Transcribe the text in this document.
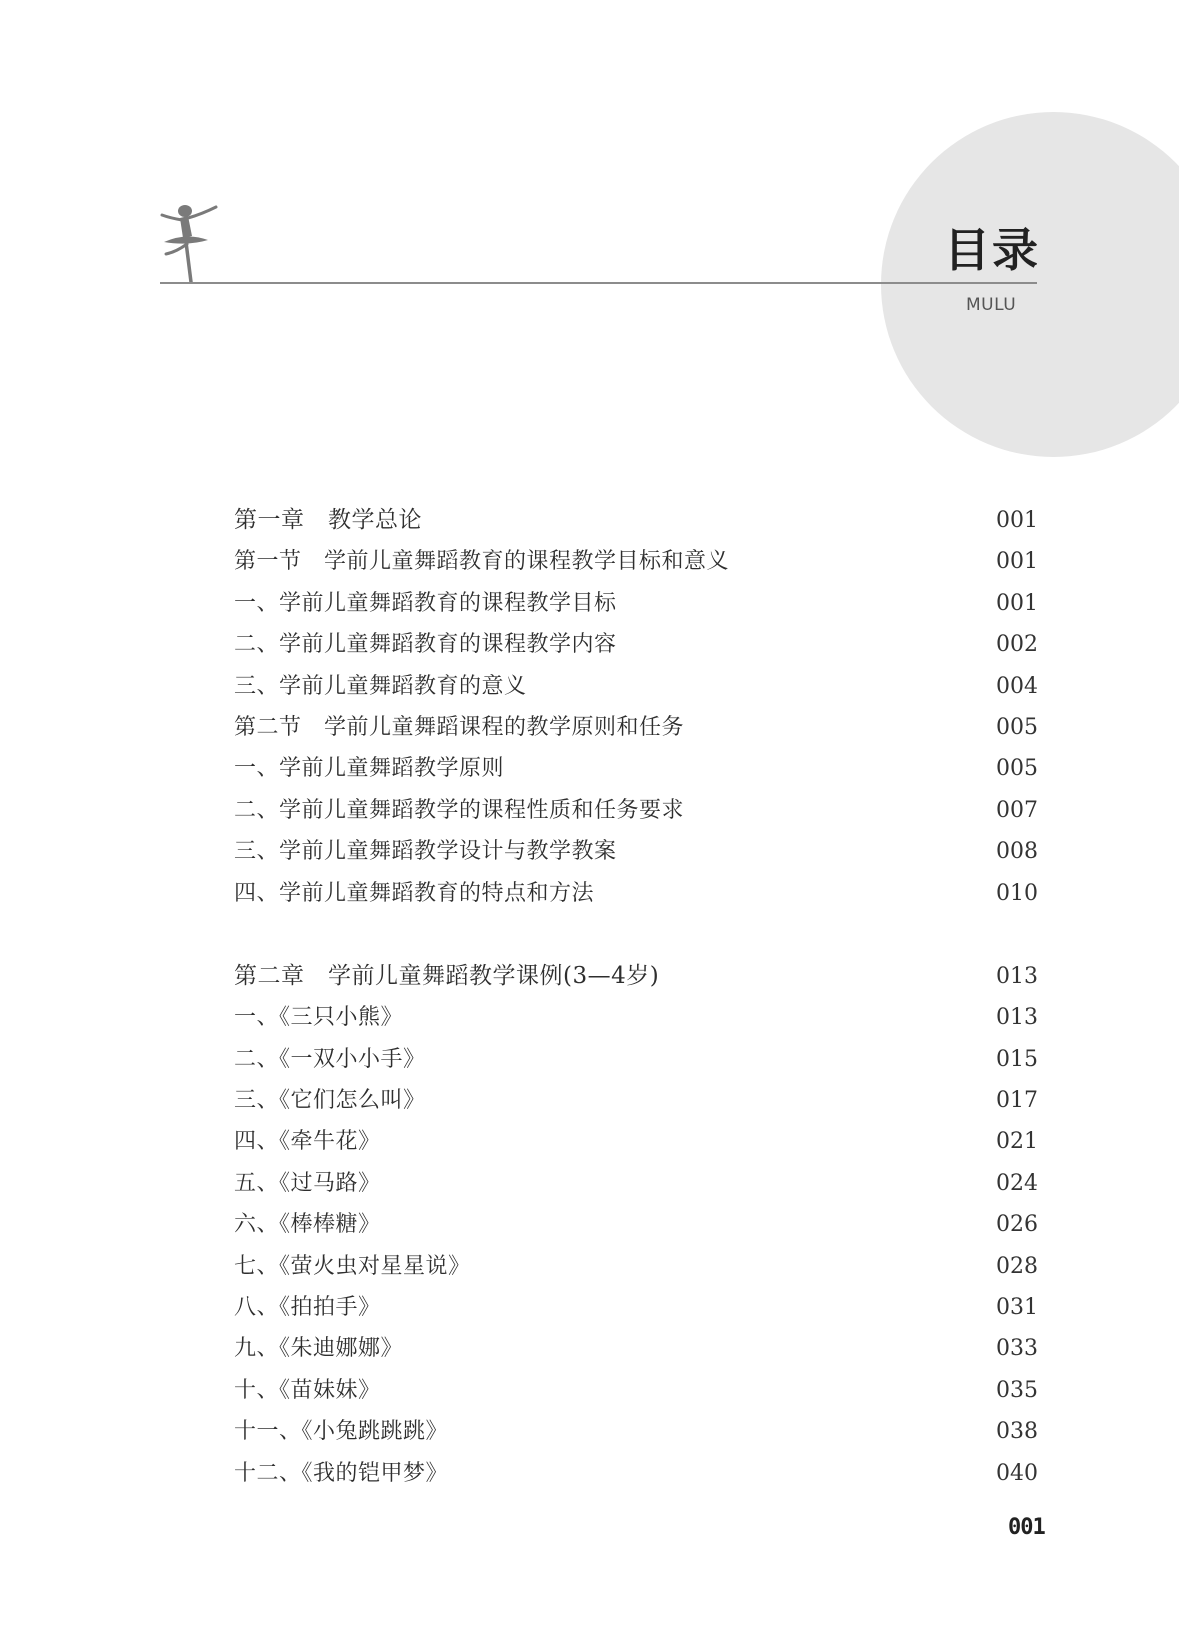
目录
MULU
第一章　教学总论	001
第一节　学前儿童舞蹈教育的课程教学目标和意义	001
一、学前儿童舞蹈教育的课程教学目标	001
二、学前儿童舞蹈教育的课程教学内容	002
三、学前儿童舞蹈教育的意义	004
第二节　学前儿童舞蹈课程的教学原则和任务	005
一、学前儿童舞蹈教学原则	005
二、学前儿童舞蹈教学的课程性质和任务要求	007
三、学前儿童舞蹈教学设计与教学教案	008
四、学前儿童舞蹈教育的特点和方法	010
第二章　学前儿童舞蹈教学课例(3—4岁)	013
一、《三只小熊》	013
二、《一双小小手》	015
三、《它们怎么叫》	017
四、《牵牛花》	021
五、《过马路》	024
六、《棒棒糖》	026
七、《萤火虫对星星说》	028
八、《拍拍手》	031
九、《朱迪娜娜》	033
十、《苗妹妹》	035
十一、《小兔跳跳跳》	038
十二、《我的铠甲梦》	040
001
